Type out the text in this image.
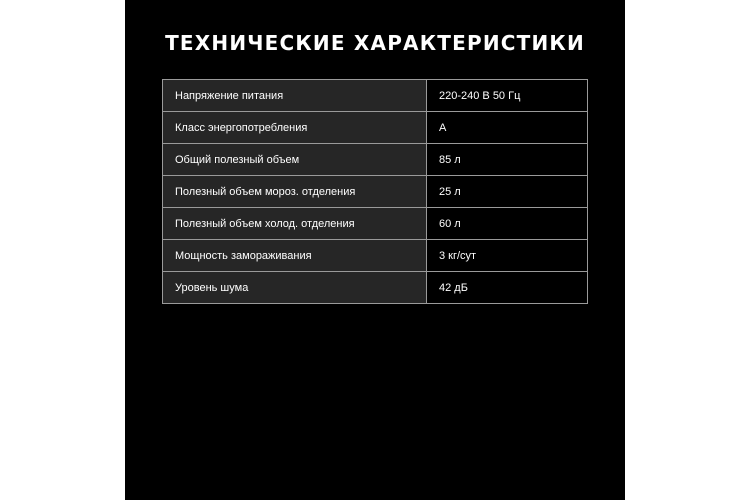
ТЕХНИЧЕСКИЕ ХАРАКТЕРИСТИКИ
Напряжение питания	220-240 В 50 Гц
Класс энергопотребления	A
Общий полезный объем	85 л
Полезный объем мороз. отделения	25 л
Полезный объем холод. отделения	60 л
Мощность замораживания	3 кг/сут
Уровень шума	42 дБ
